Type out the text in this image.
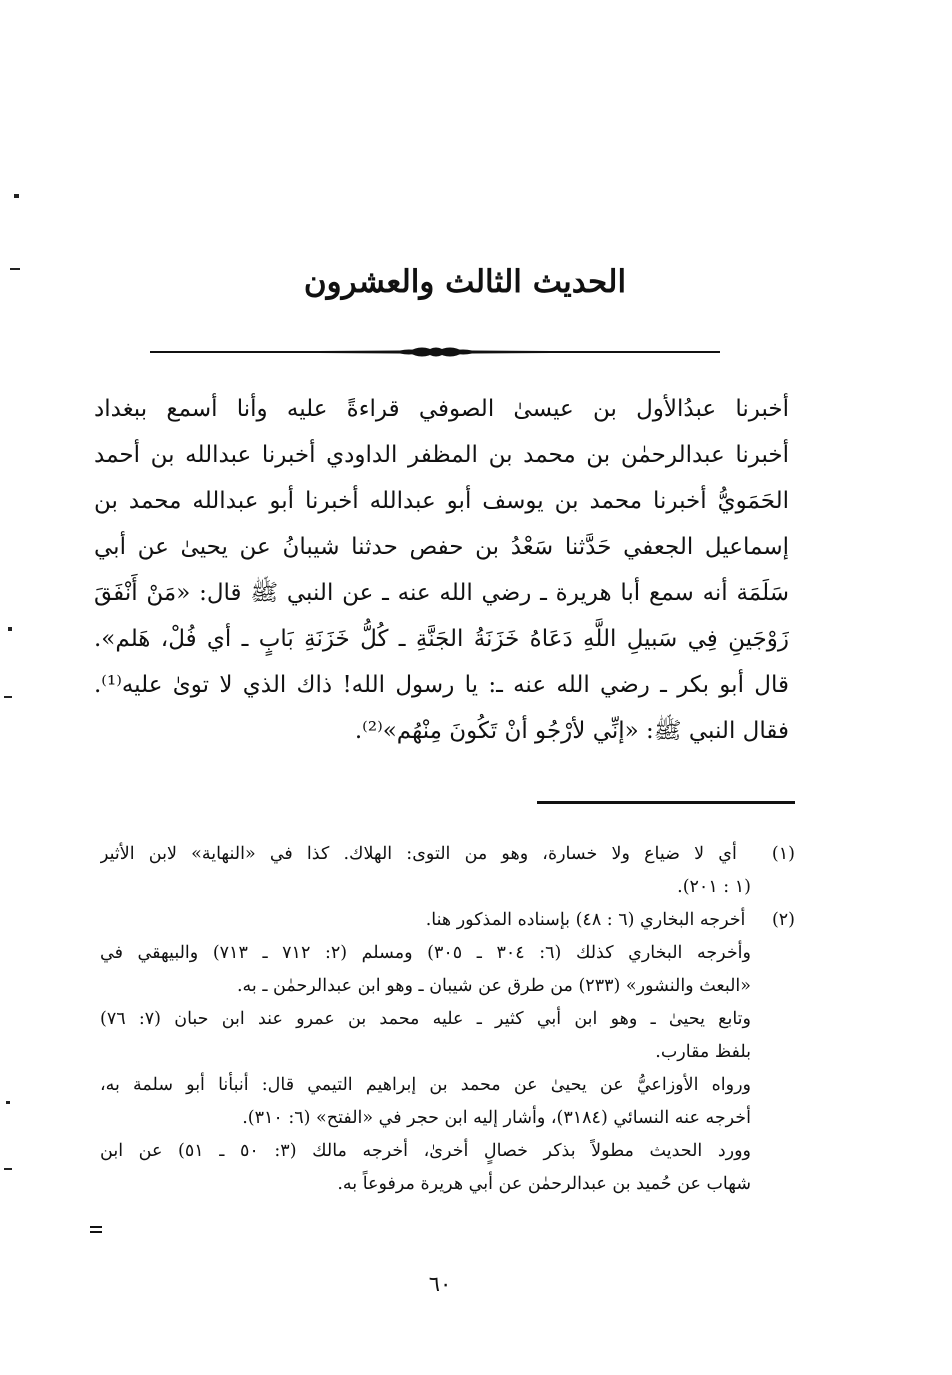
الحديث الثالث والعشرون
أخبرنا عبدُالأول بن عيسىٰ الصوفي قراءةً عليه وأنا أسمع ببغداد
أخبرنا عبدالرحمٰن بن محمد بن المظفر الداودي أخبرنا عبدالله بن أحمد
الحَمَويُّ أخبرنا محمد بن يوسف أبو عبدالله أخبرنا أبو عبدالله محمد بن
إسماعيل الجعفي حَدَّثنا سَعْدُ بن حفص حدثنا شيبانُ عن يحيىٰ عن أبي
سَلَمَة أنه سمع أبا هريرة ـ رضي الله عنه ـ عن النبي ﷺ قال: «مَنْ أَنْفَقَ
زَوْجَينِ فِي سَبيلِ اللَّهِ دَعَاهُ خَزَنَةُ الجَنَّةِ ـ كُلُّ خَزَنَةِ بَابٍ ـ أي فُلْ، هَلم».
قال أبو بكر ـ رضي الله عنه ـ: يا رسول الله! ذاك الذي لا توىٰ عليه⁽¹⁾.
فقال النبي ﷺ: «إنِّي لأرْجُو أنْ تَكُونَ مِنْهُم»⁽²⁾.
(١) أي لا ضياع ولا خسارة، وهو من التوى: الهلاك. كذا في «النهاية» لابن الأثير
(١ : ٢٠١).
(٢) أخرجه البخاري (٦ : ٤٨) بإسناده المذكور هنا.
وأخرجه البخاري كذلك (٦: ٣٠٤ ـ ٣٠٥) ومسلم (٢: ٧١٢ ـ ٧١٣) والبيهقي في
«البعث والنشور» (٢٣٣) من طرق عن شيبان ـ وهو ابن عبدالرحمٰن ـ به.
وتابع يحيىٰ ـ وهو ابن أبي كثير ـ عليه محمد بن عمرو عند ابن حبان (٧: ٧٦)
بلفظ مقارب.
ورواه الأوزاعيُّ عن يحيىٰ عن محمد بن إبراهيم التيمي قال: أنبأنا أبو سلمة به،
أخرجه عنه النسائي (٣١٨٤)، وأشار إليه ابن حجر في «الفتح» (٦: ٣١٠).
وورد الحديث مطولاً بذكر خصالٍ أخرىٰ، أخرجه مالك (٣: ٥٠ ـ ٥١) عن ابن
شهاب عن حُميد بن عبدالرحمٰن عن أبي هريرة مرفوعاً به.
٦٠
